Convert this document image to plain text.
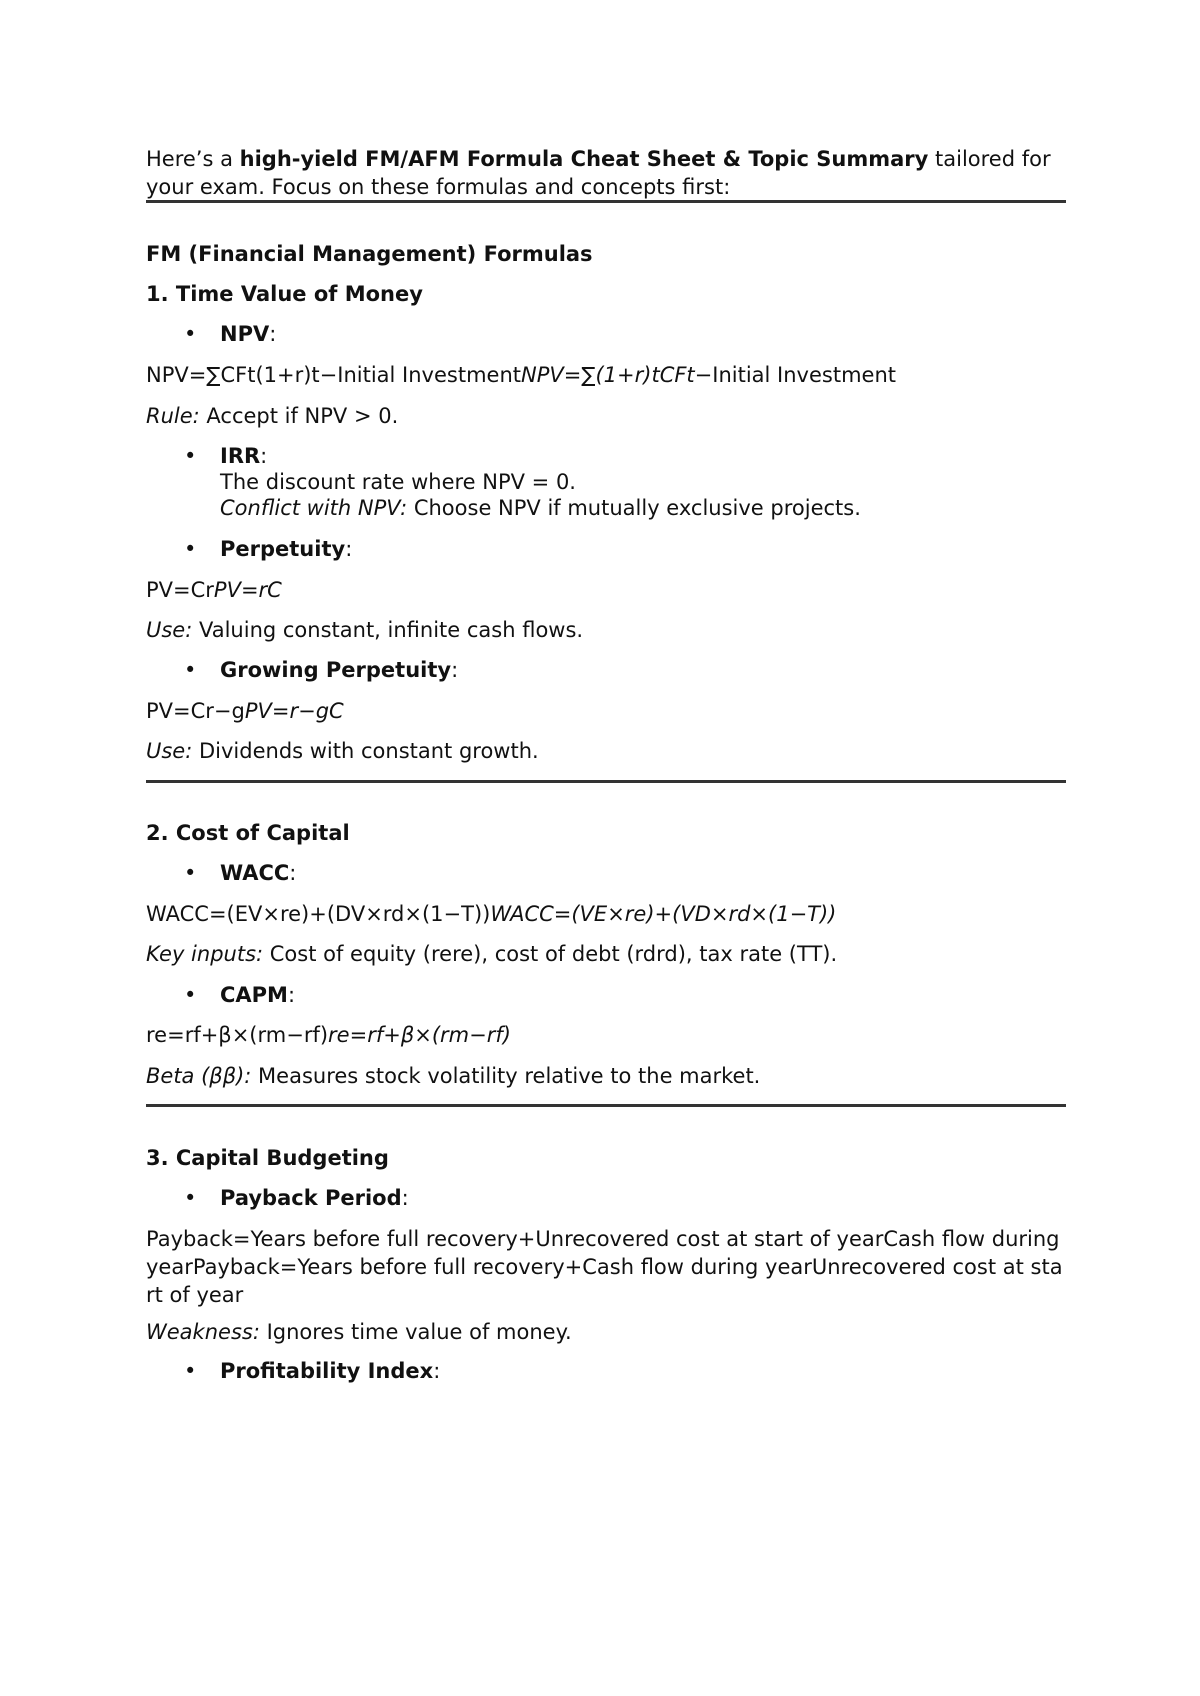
Here’s a high-yield FM/AFM Formula Cheat Sheet & Topic Summary tailored for your exam. Focus on these formulas and concepts first:
FM (Financial Management) Formulas
1. Time Value of Money
• NPV:
NPV=∑CFt(1+r)t−Initial InvestmentNPV=∑(1+r)tCFt−Initial Investment
Rule: Accept if NPV > 0.
• IRR:
The discount rate where NPV = 0.
Conflict with NPV: Choose NPV if mutually exclusive projects.
• Perpetuity:
PV=CrPV=rC
Use: Valuing constant, infinite cash flows.
• Growing Perpetuity:
PV=Cr−gPV=r−gC
Use: Dividends with constant growth.
2. Cost of Capital
• WACC:
WACC=(EV×re)+(DV×rd×(1−T))WACC=(VE×re)+(VD×rd×(1−T))
Key inputs: Cost of equity (rere), cost of debt (rdrd), tax rate (TT).
• CAPM:
re=rf+β×(rm−rf)re=rf+β×(rm−rf)
Beta (ββ): Measures stock volatility relative to the market.
3. Capital Budgeting
• Payback Period:
Payback=Years before full recovery+Unrecovered cost at start of yearCash flow during yearPayback=Years before full recovery+Cash flow during yearUnrecovered cost at start of year
Weakness: Ignores time value of money.
• Profitability Index:
